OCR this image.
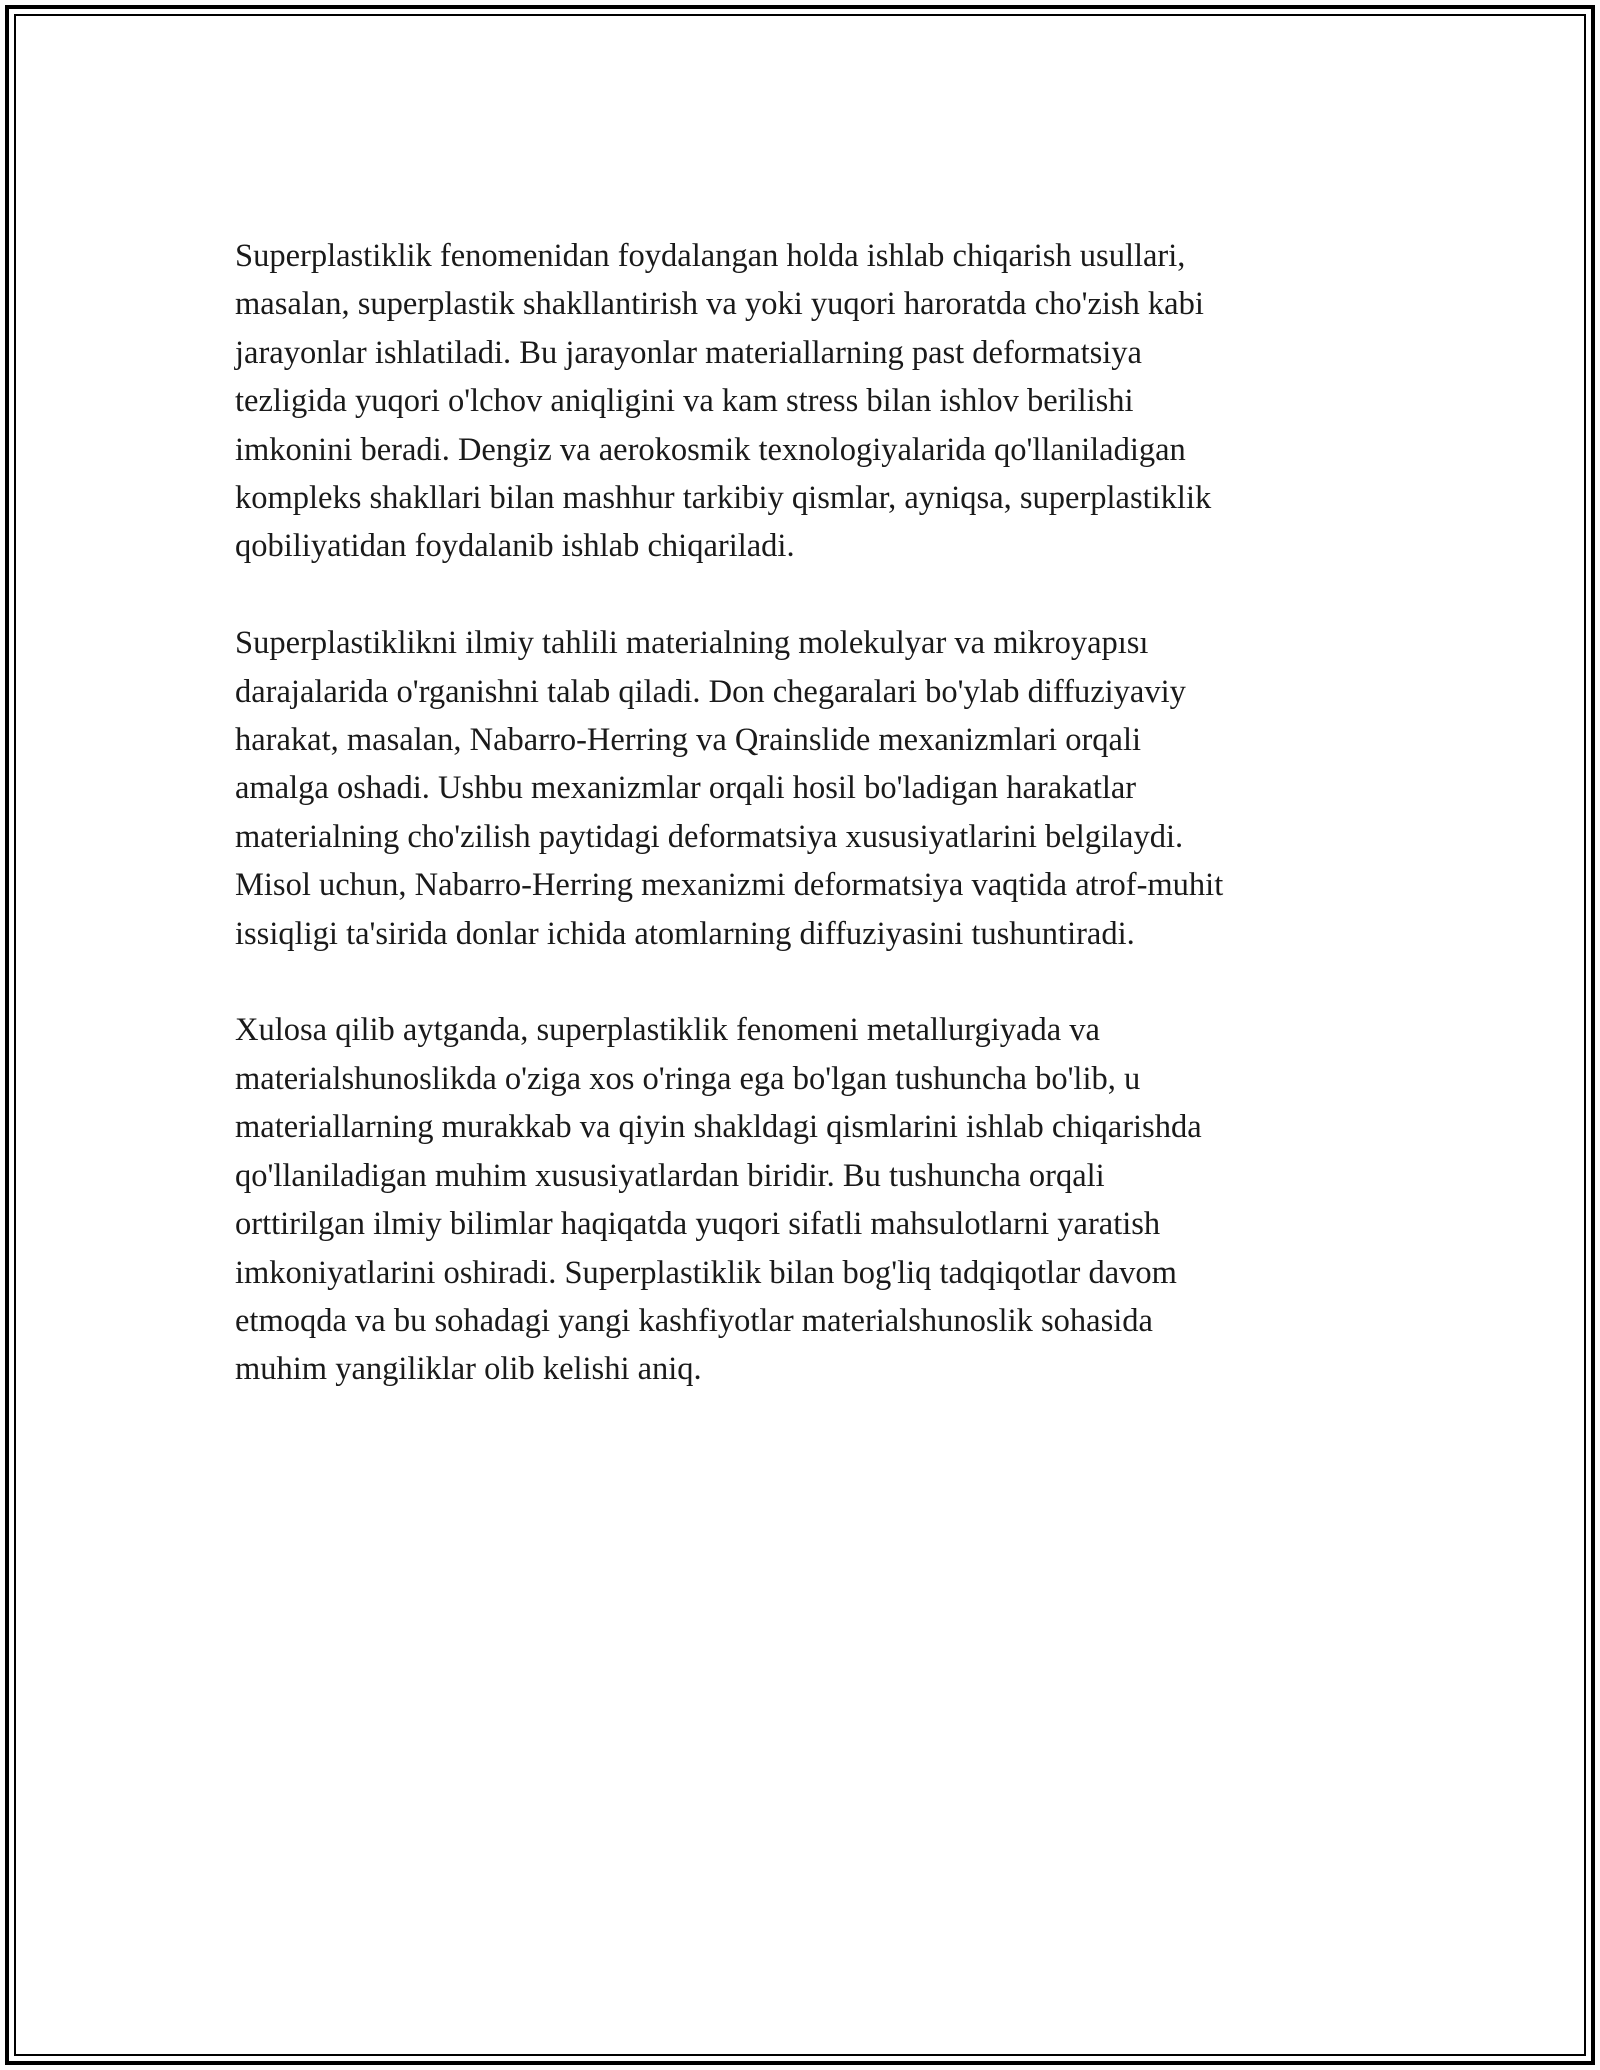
Superplastiklik fenomenidan foydalangan holda ishlab chiqarish usullari,
masalan, superplastik shakllantirish va yoki yuqori haroratda cho'zish kabi
jarayonlar ishlatiladi. Bu jarayonlar materiallarning past deformatsiya
tezligida yuqori o'lchov aniqligini va kam stress bilan ishlov berilishi
imkonini beradi. Dengiz va aerokosmik texnologiyalarida qo'llaniladigan
kompleks shakllari bilan mashhur tarkibiy qismlar, ayniqsa, superplastiklik
qobiliyatidan foydalanib ishlab chiqariladi.

Superplastiklikni ilmiy tahlili materialning molekulyar va mikroyapısı
darajalarida o'rganishni talab qiladi. Don chegaralari bo'ylab diffuziyaviy
harakat, masalan, Nabarro-Herring va Qrainslide mexanizmlari orqali
amalga oshadi. Ushbu mexanizmlar orqali hosil bo'ladigan harakatlar
materialning cho'zilish paytidagi deformatsiya xususiyatlarini belgilaydi.
Misol uchun, Nabarro-Herring mexanizmi deformatsiya vaqtida atrof-muhit
issiqligi ta'sirida donlar ichida atomlarning diffuziyasini tushuntiradi.

Xulosa qilib aytganda, superplastiklik fenomeni metallurgiyada va
materialshunoslikda o'ziga xos o'ringa ega bo'lgan tushuncha bo'lib, u
materiallarning murakkab va qiyin shakldagi qismlarini ishlab chiqarishda
qo'llaniladigan muhim xususiyatlardan biridir. Bu tushuncha orqali
orttirilgan ilmiy bilimlar haqiqatda yuqori sifatli mahsulotlarni yaratish
imkoniyatlarini oshiradi. Superplastiklik bilan bog'liq tadqiqotlar davom
etmoqda va bu sohadagi yangi kashfiyotlar materialshunoslik sohasida
muhim yangiliklar olib kelishi aniq.
